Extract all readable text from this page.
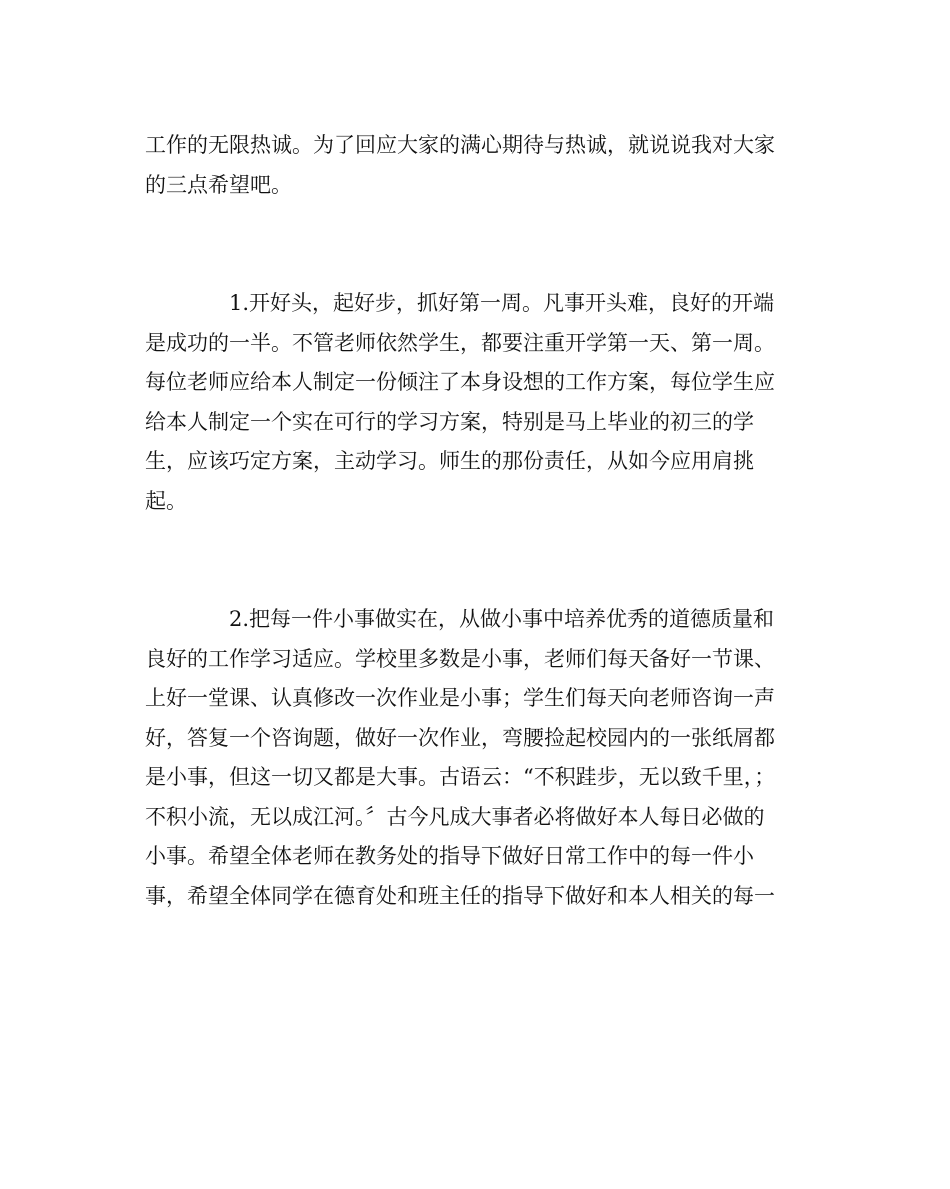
工作的无限热诚。为了回应大家的满心期待与热诚，就说说我对大家
的三点希望吧。

1.开好头，起好步，抓好第一周。凡事开头难，良好的开端
是成功的一半。不管老师依然学生，都要注重开学第一天、第一周。
每位老师应给本人制定一份倾注了本身设想的工作方案，每位学生应
给本人制定一个实在可行的学习方案，特别是马上毕业的初三的学
生，应该巧定方案，主动学习。师生的那份责任，从如今应用肩挑
起。

2.把每一件小事做实在，从做小事中培养优秀的道德质量和
良好的工作学习适应。学校里多数是小事，老师们每天备好一节课、
上好一堂课、认真修改一次作业是小事；学生们每天向老师咨询一声
好，答复一个咨询题，做好一次作业，弯腰捡起校园内的一张纸屑都
是小事，但这一切又都是大事。古语云：“不积跬步，无以致千里，；
不积小流，无以成江河。〞古今凡成大事者必将做好本人每日必做的
小事。希望全体老师在教务处的指导下做好日常工作中的每一件小
事，希望全体同学在德育处和班主任的指导下做好和本人相关的每一
